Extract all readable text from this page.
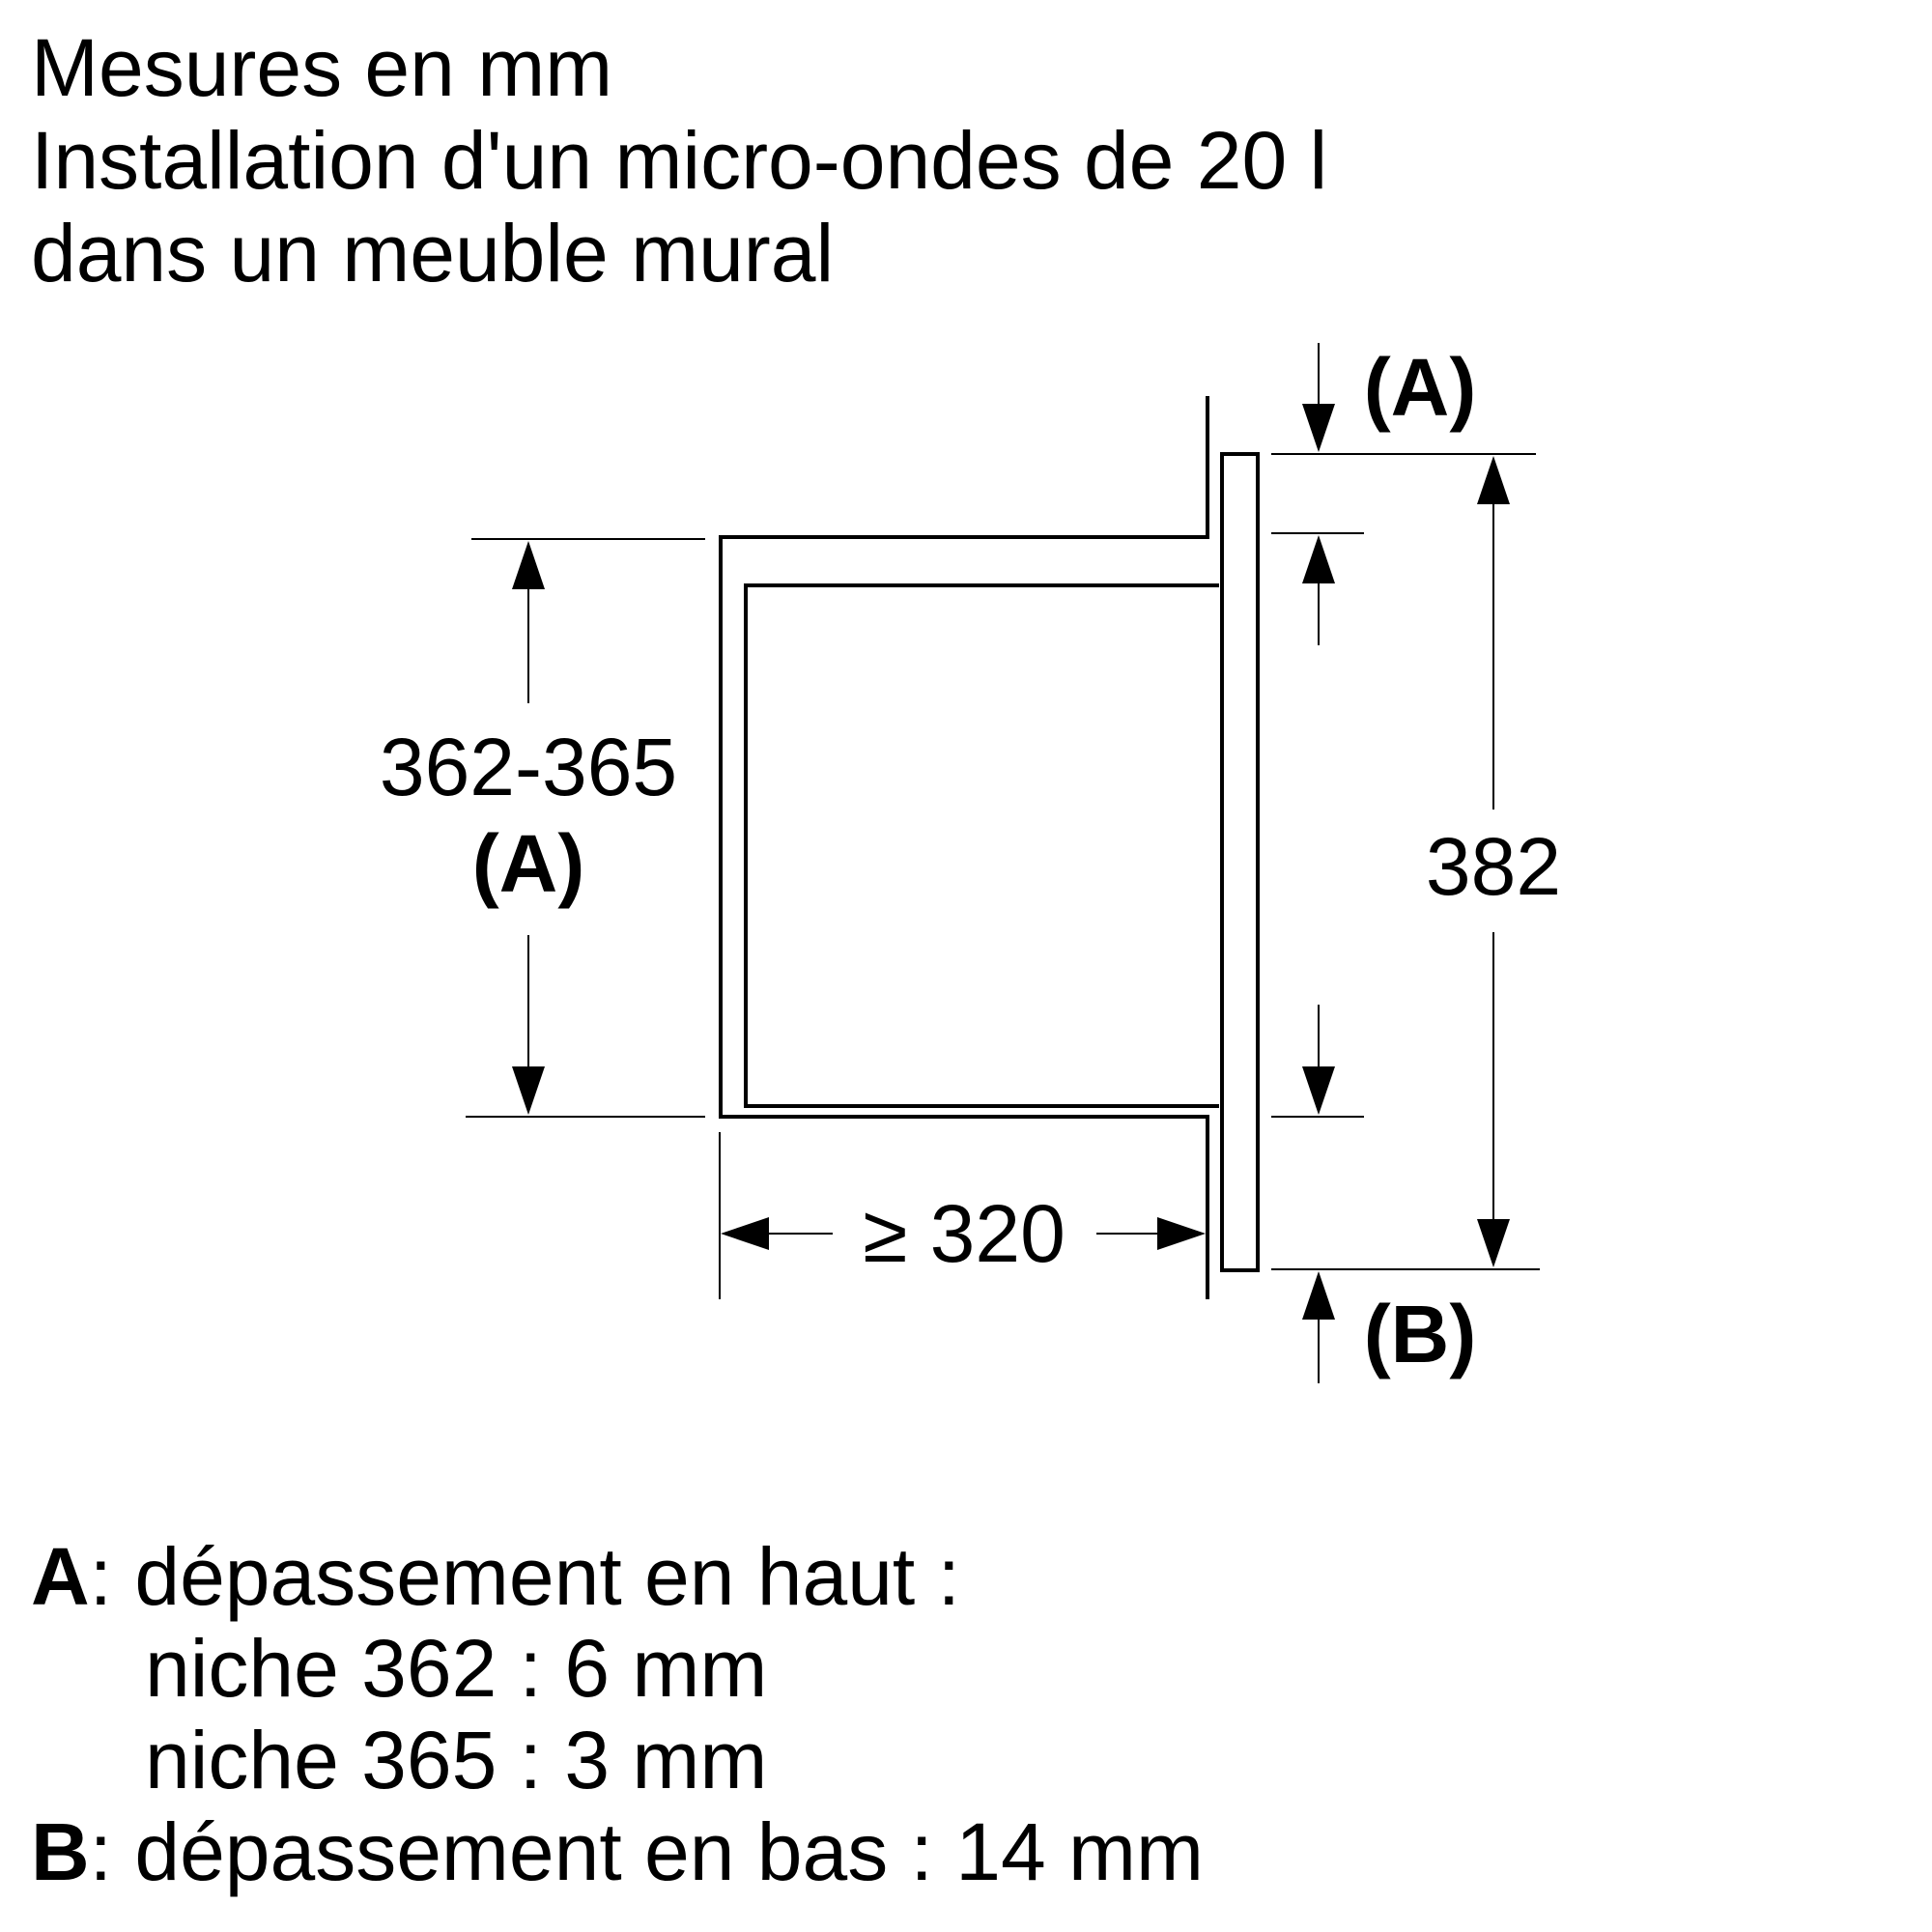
Mesures en mm
Installation d'un micro-ondes de 20 l
dans un meuble mural
362-365
(A)
≥ 320
(A)
(B)
382
A: dépassement en haut :
niche 362 : 6 mm
niche 365 : 3 mm
B: dépassement en bas : 14 mm
